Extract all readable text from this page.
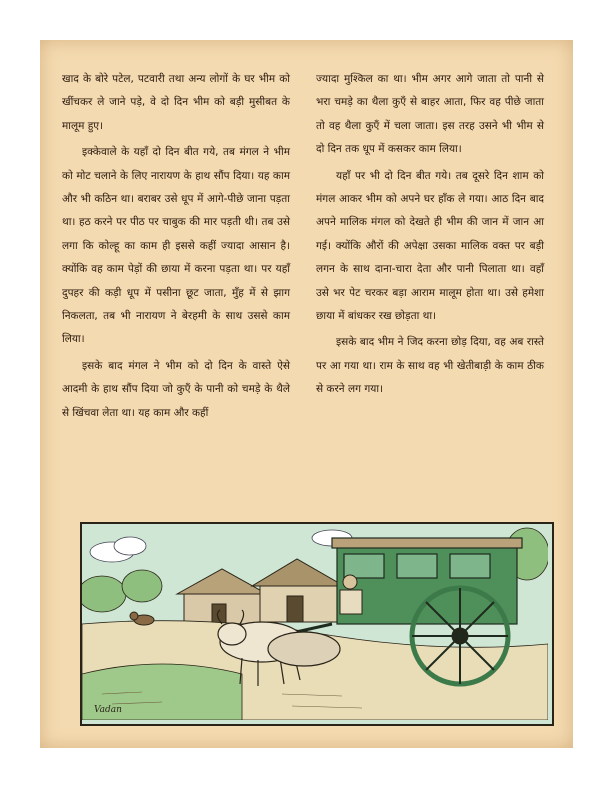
खाद के बोरे पटेल, पटवारी तथा अन्य लोगों के घर भीम को खींचकर ले जाने पड़े, वे दो दिन भीम को बड़ी मुसीबत के मालूम हुए।

इक्केवाले के यहाँ दो दिन बीत गये, तब मंगल ने भीम को मोट चलाने के लिए नारायण के हाथ सौंप दिया। यह काम और भी कठिन था। बराबर उसे धूप में आगे-पीछे जाना पड़ता था। हठ करने पर पीठ पर चाबुक की मार पड़ती थी। तब उसे लगा कि कोल्हू का काम ही इससे कहीं ज्यादा आसान है। क्योंकि वह काम पेड़ों की छाया में करना पड़ता था। पर यहाँ दुपहर की कड़ी धूप में पसीना छूट जाता, मुँह में से झाग निकलता, तब भी नारायण ने बेरहमी के साथ उससे काम लिया।

इसके बाद मंगल ने भीम को दो दिन के वास्ते ऐसे आदमी के हाथ सौंप दिया जो कुएँ के पानी को चमड़े के थैले से खिंचवा लेता था। यह काम और कहीं

ज्यादा मुश्किल का था। भीम अगर आगे जाता तो पानी से भरा चमड़े का थैला कुएँ से बाहर आता, फिर वह पीछे जाता तो वह थैला कुएँ में चला जाता। इस तरह उसने भी भीम से दो दिन तक धूप में कसकर काम लिया।

यहाँ पर भी दो दिन बीत गये। तब दूसरे दिन शाम को मंगल आकर भीम को अपने घर हाँक ले गया। आठ दिन बाद अपने मालिक मंगल को देखते ही भीम की जान में जान आ गई। क्योंकि औरों की अपेक्षा उसका मालिक वक्त पर बड़ी लगन के साथ दाना-चारा देता और पानी पिलाता था। वहाँ उसे भर पेट चरकर बड़ा आराम मालूम होता था। उसे हमेशा छाया में बांधकर रख छोड़ता था।

इसके बाद भीम ने जिद करना छोड़ दिया, वह अब रास्ते पर आ गया था। राम के साथ वह भी खेतीबाड़ी के काम ठीक से करने लग गया।

Vadan
